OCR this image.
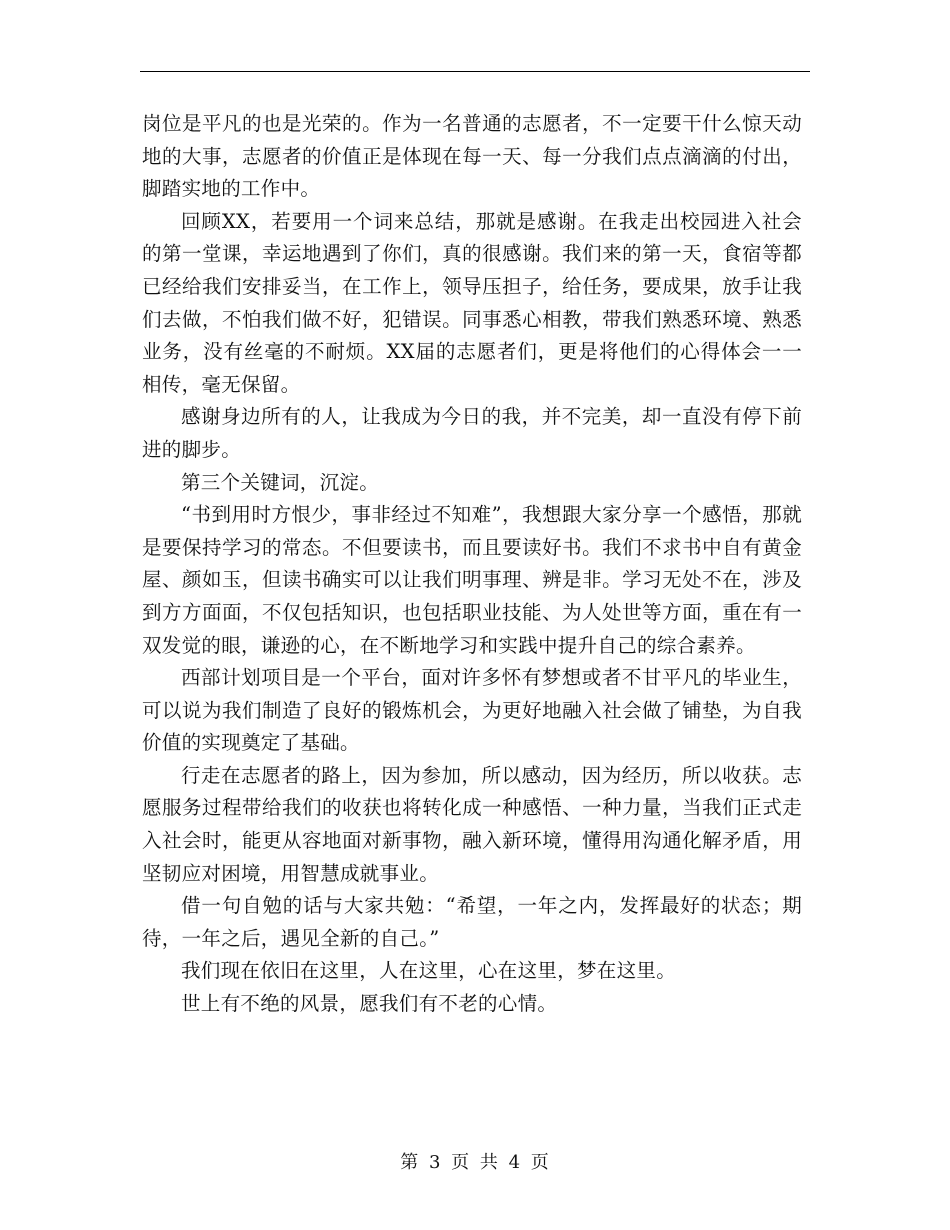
岗位是平凡的也是光荣的。作为一名普通的志愿者，不一定要干什么惊天动地的大事，志愿者的价值正是体现在每一天、每一分我们点点滴滴的付出，脚踏实地的工作中。

回顾XX，若要用一个词来总结，那就是感谢。在我走出校园进入社会的第一堂课，幸运地遇到了你们，真的很感谢。我们来的第一天，食宿等都已经给我们安排妥当，在工作上，领导压担子，给任务，要成果，放手让我们去做，不怕我们做不好，犯错误。同事悉心相教，带我们熟悉环境、熟悉业务，没有丝毫的不耐烦。XX届的志愿者们，更是将他们的心得体会一一相传，毫无保留。

感谢身边所有的人，让我成为今日的我，并不完美，却一直没有停下前进的脚步。

第三个关键词，沉淀。

“书到用时方恨少，事非经过不知难”，我想跟大家分享一个感悟，那就是要保持学习的常态。不但要读书，而且要读好书。我们不求书中自有黄金屋、颜如玉，但读书确实可以让我们明事理、辨是非。学习无处不在，涉及到方方面面，不仅包括知识，也包括职业技能、为人处世等方面，重在有一双发觉的眼，谦逊的心，在不断地学习和实践中提升自己的综合素养。

西部计划项目是一个平台，面对许多怀有梦想或者不甘平凡的毕业生，可以说为我们制造了良好的锻炼机会，为更好地融入社会做了铺垫，为自我价值的实现奠定了基础。

行走在志愿者的路上，因为参加，所以感动，因为经历，所以收获。志愿服务过程带给我们的收获也将转化成一种感悟、一种力量，当我们正式走入社会时，能更从容地面对新事物，融入新环境，懂得用沟通化解矛盾，用坚韧应对困境，用智慧成就事业。

借一句自勉的话与大家共勉：“希望，一年之内，发挥最好的状态；期待，一年之后，遇见全新的自己。”

我们现在依旧在这里，人在这里，心在这里，梦在这里。

世上有不绝的风景，愿我们有不老的心情。

第 3 页 共 4 页
